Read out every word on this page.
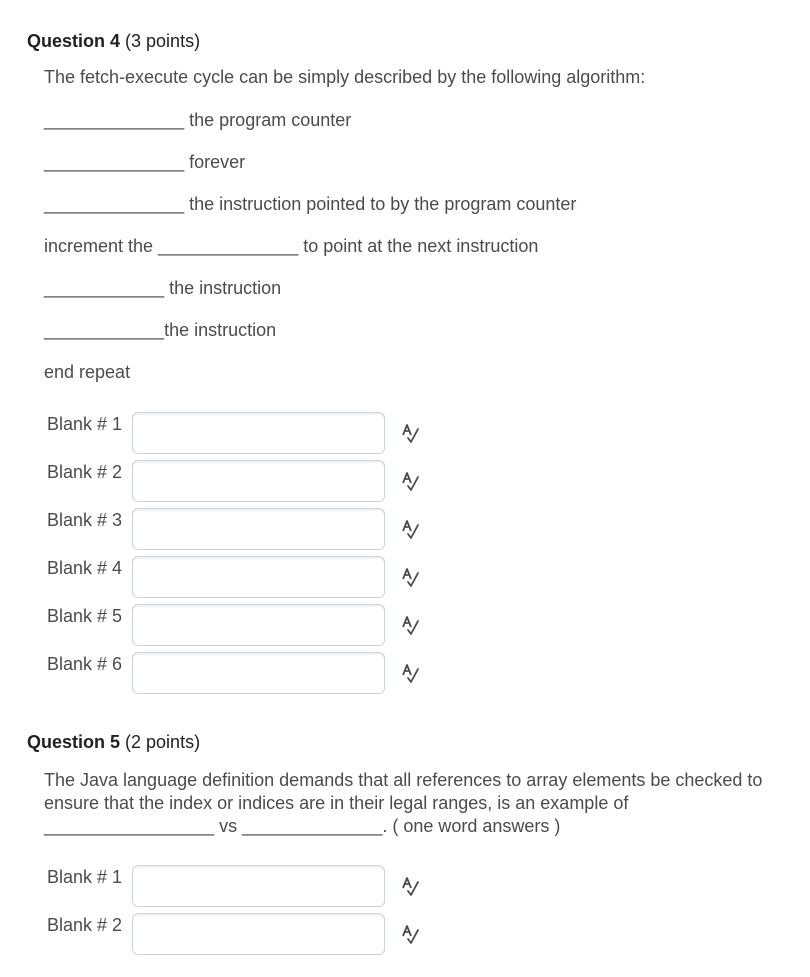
Question 4 (3 points)
The fetch-execute cycle can be simply described by the following algorithm:
______________ the program counter
______________ forever
______________ the instruction pointed to by the program counter
increment the ______________ to point at the next instruction
____________ the instruction
____________the instruction
end repeat
Blank # 1
Blank # 2
Blank # 3
Blank # 4
Blank # 5
Blank # 6
Question 5 (2 points)
The Java language definition demands that all references to array elements be checked to ensure that the index or indices are in their legal ranges, is an example of _________________ vs ______________. ( one word answers )
Blank # 1
Blank # 2
